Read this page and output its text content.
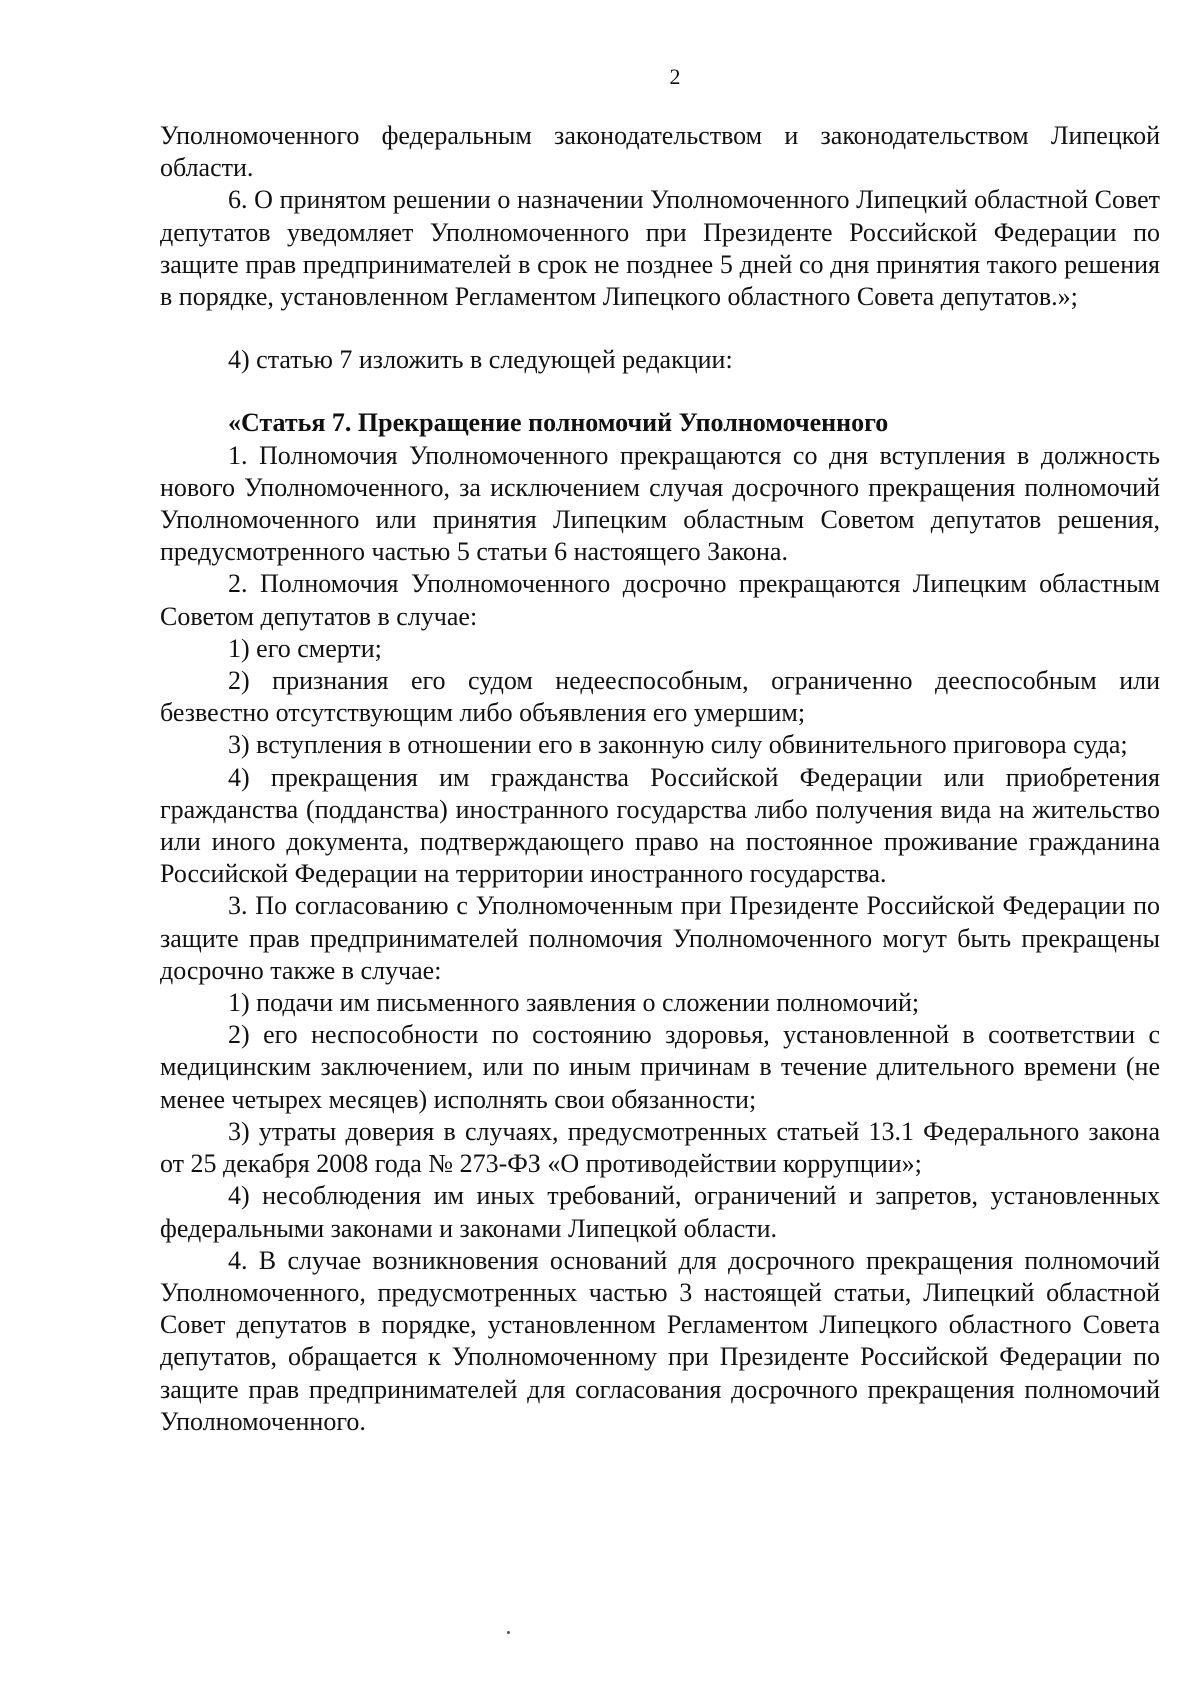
2

Уполномоченного федеральным законодательством и законодательством Липецкой области.

6. О принятом решении о назначении Уполномоченного Липецкий областной Совет депутатов уведомляет Уполномоченного при Президенте Российской Федерации по защите прав предпринимателей в срок не позднее 5 дней со дня принятия такого решения в порядке, установленном Регламентом Липецкого областного Совета депутатов.»;

4) статью 7 изложить в следующей редакции:

«Статья 7. Прекращение полномочий Уполномоченного

1. Полномочия Уполномоченного прекращаются со дня вступления в должность нового Уполномоченного, за исключением случая досрочного прекращения полномочий Уполномоченного или принятия Липецким областным Советом депутатов решения, предусмотренного частью 5 статьи 6 настоящего Закона.

2. Полномочия Уполномоченного досрочно прекращаются Липецким областным Советом депутатов в случае:

1) его смерти;

2) признания его судом недееспособным, ограниченно дееспособным или безвестно отсутствующим либо объявления его умершим;

3) вступления в отношении его в законную силу обвинительного приговора суда;

4) прекращения им гражданства Российской Федерации или приобретения гражданства (подданства) иностранного государства либо получения вида на жительство или иного документа, подтверждающего право на постоянное проживание гражданина Российской Федерации на территории иностранного государства.

3. По согласованию с Уполномоченным при Президенте Российской Федерации по защите прав предпринимателей полномочия Уполномоченного могут быть прекращены досрочно также в случае:

1) подачи им письменного заявления о сложении полномочий;

2) его неспособности по состоянию здоровья, установленной в соответствии с медицинским заключением, или по иным причинам в течение длительного времени (не менее четырех месяцев) исполнять свои обязанности;

3) утраты доверия в случаях, предусмотренных статьей 13.1 Федерального закона от 25 декабря 2008 года № 273-ФЗ «О противодействии коррупции»;

4) несоблюдения им иных требований, ограничений и запретов, установленных федеральными законами и законами Липецкой области.

4. В случае возникновения оснований для досрочного прекращения полномочий Уполномоченного, предусмотренных частью 3 настоящей статьи, Липецкий областной Совет депутатов в порядке, установленном Регламентом Липецкого областного Совета депутатов, обращается к Уполномоченному при Президенте Российской Федерации по защите прав предпринимателей для согласования досрочного прекращения полномочий Уполномоченного.
